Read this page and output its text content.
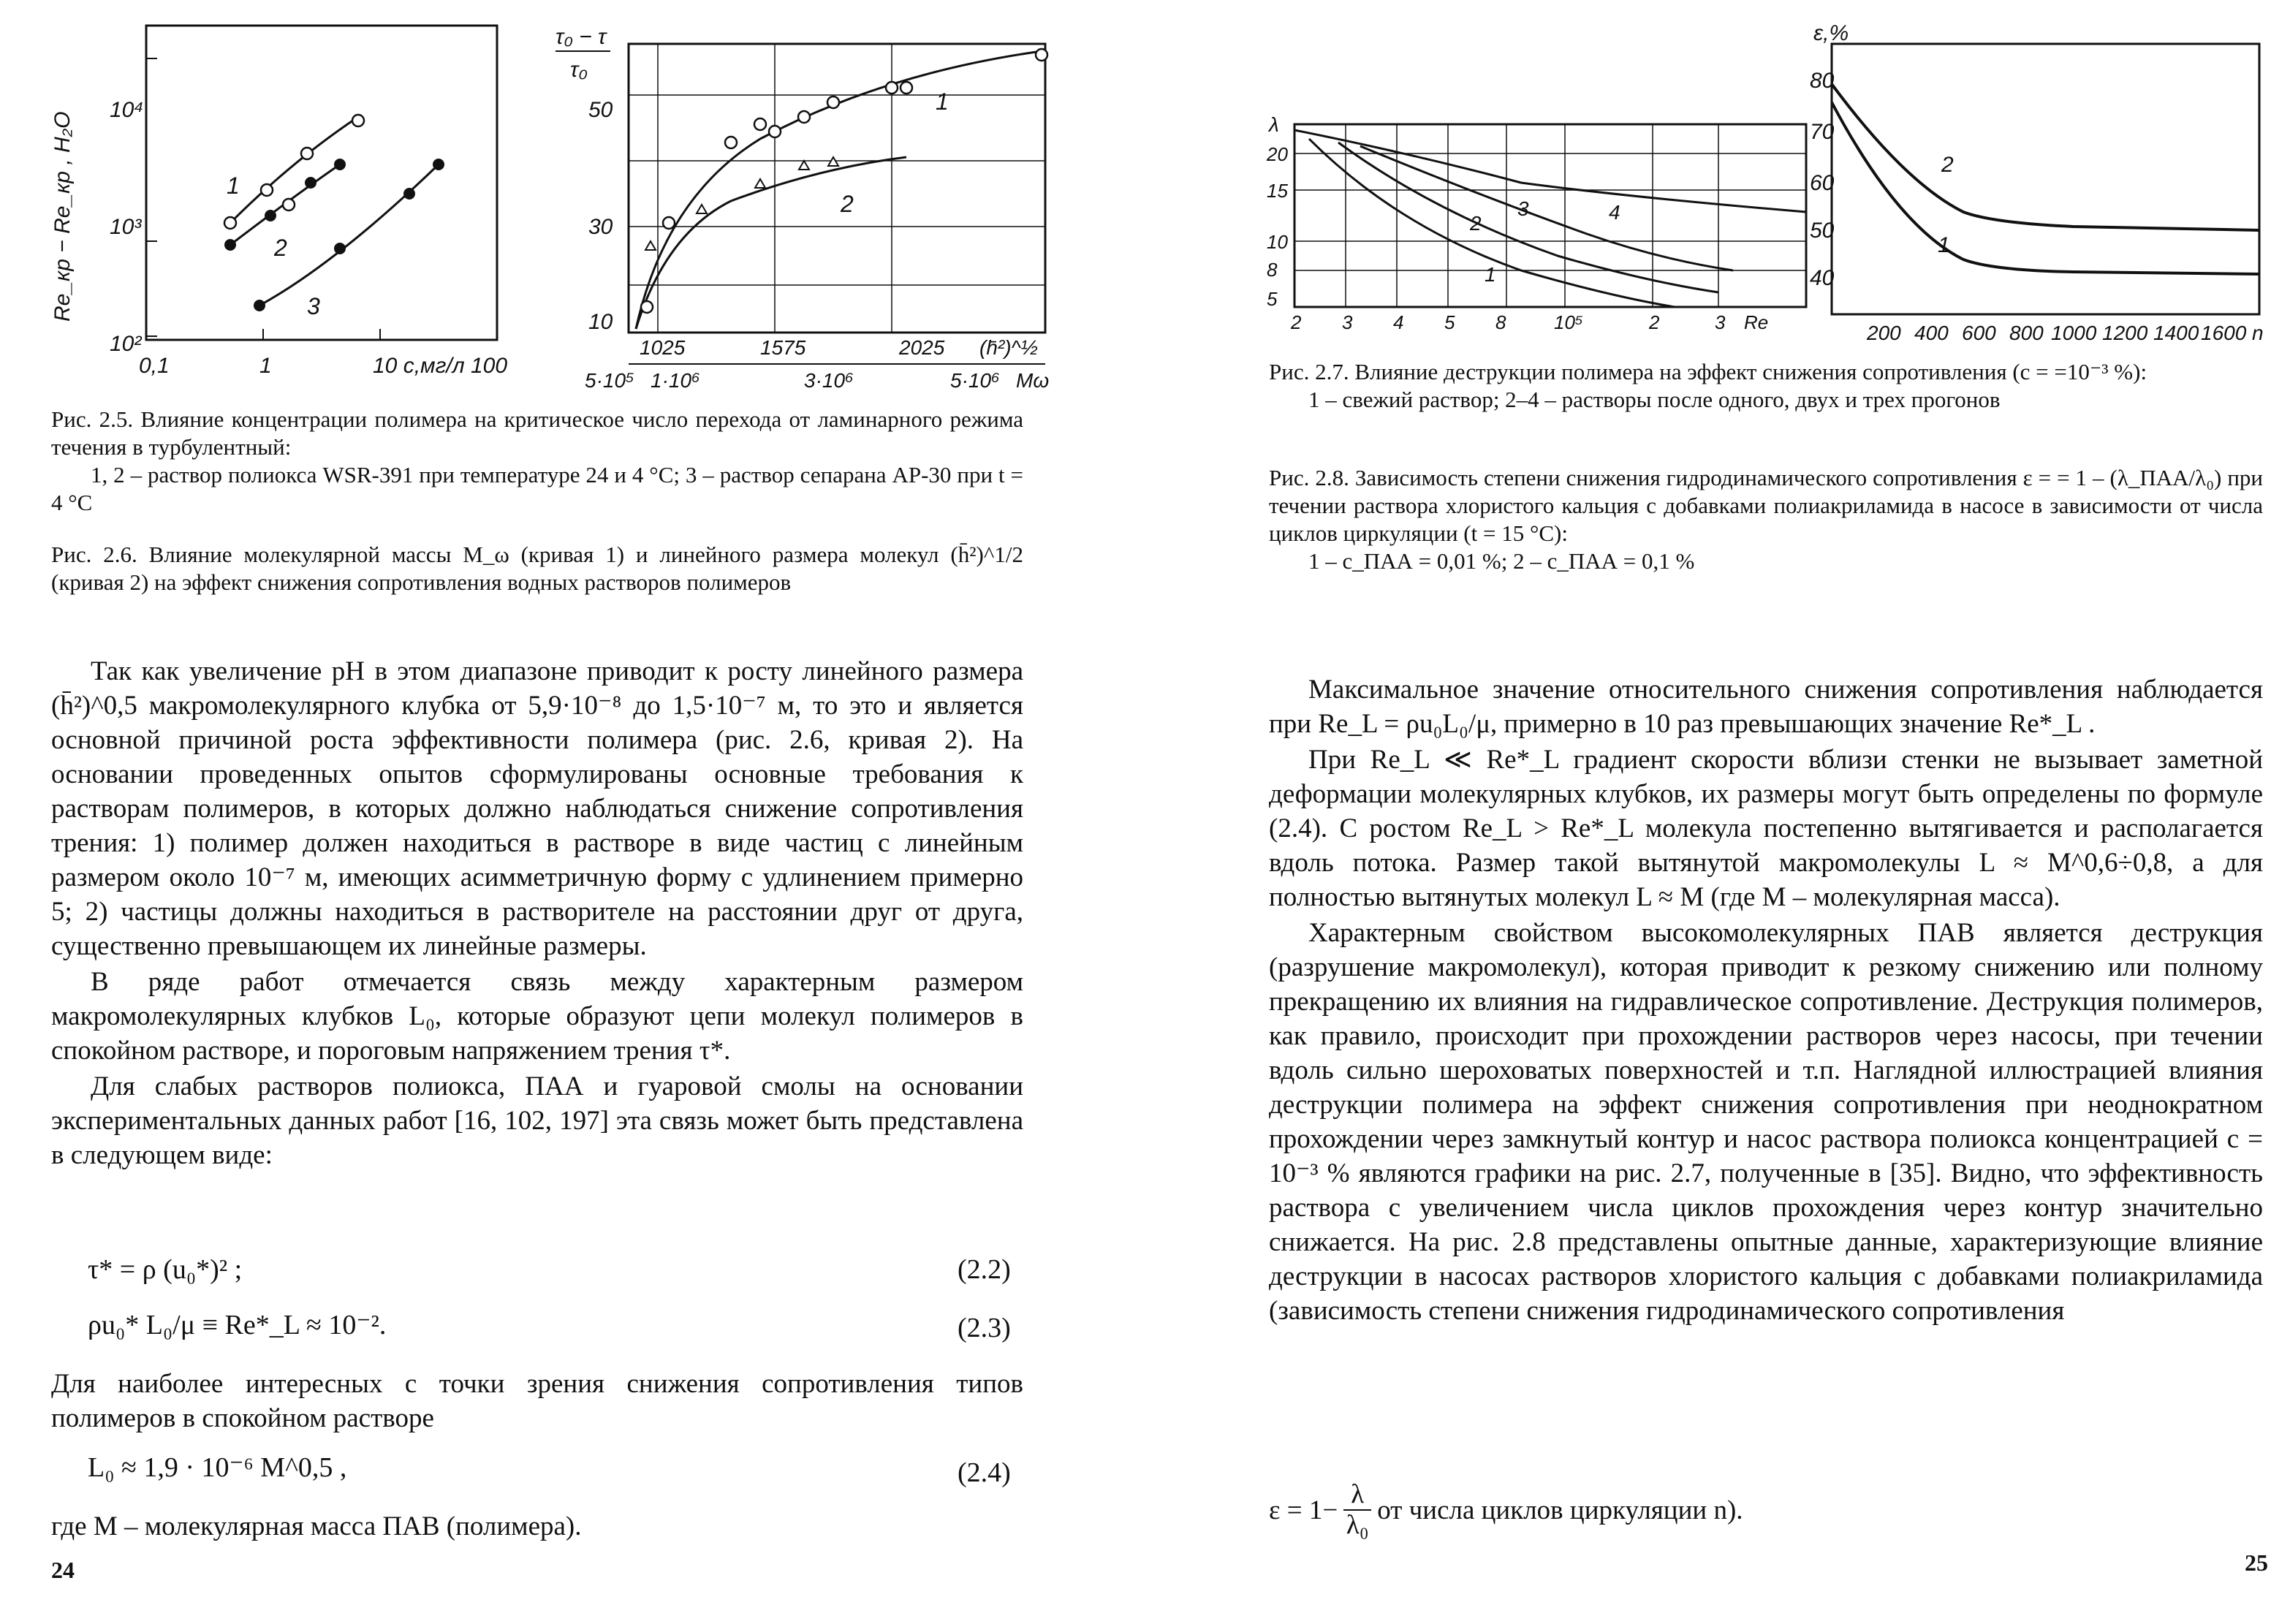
10⁴
10³
10²
0,1	1	10 с,мг/л 100
Re_кр − Re_кр , H₂O	1
2
3
τ₀ − τ
τ₀
50
30
10
1025	1575	2025 (h̄²)^½
5·10⁵ 1·10⁶	3·10⁶	5·10⁶ Mω
1
2

Рис. 2.5. Влияние концентрации полимера на критическое число перехода от ламинарного режима течения в турбулентный:

1, 2 – раствор полиокса WSR-391 при температуре 24 и 4 °C; 3 – раствор сепарана АР-30 при t = 4 °C

Рис. 2.6. Влияние молекулярной массы M_ω (кривая 1) и линейного размера молекул (h̄²)^1/2 (кривая 2) на эффект снижения сопротивления водных растворов полимеров

Так как увеличение pH в этом диапазоне приводит к росту линейного размера (h̄²)^0,5 макромолекулярного клубка от 5,9·10⁻⁸ до 1,5·10⁻⁷ м, то это и является основной причиной роста эффективности полимера (рис. 2.6, кривая 2). На основании проведенных опытов сформулированы основные требования к растворам полимеров, в которых должно наблюдаться снижение сопротивления трения: 1) полимер должен находиться в растворе в виде частиц с линейным размером около 10⁻⁷ м, имеющих асимметричную форму с удлинением примерно 5; 2) частицы должны находиться в растворителе на расстоянии друг от друга, существенно превышающем их линейные размеры.

В ряде работ отмечается связь между характерным размером макромолекулярных клубков L₀, которые образуют цепи молекул полимеров в спокойном растворе, и пороговым напряжением трения τ*.

Для слабых растворов полиокса, ПАА и гуаровой смолы на основании экспериментальных данных работ [16, 102, 197] эта связь может быть представлена в следующем виде:

τ* = ρ (u₀*)² ;	(2.2)
ρu₀* L₀/μ ≡ Re*_L ≈ 10⁻².	(2.3)

Для наиболее интересных с точки зрения снижения сопротивления типов полимеров в спокойном растворе

L₀ ≈ 1,9 · 10⁻⁶ M^0,5 ,	(2.4)

где M – молекулярная масса ПАВ (полимера).

24
λ
20
15
10
8
5
2 3 4 5 8	10⁵	2	3 Re
1
2
3	4
ε,%
80
70
60
50
40
200 400 600 800 1000 1200 1400 1600 n
2
1

Рис. 2.7. Влияние деструкции полимера на эффект снижения сопротивления (c = =10⁻³ %):

1 – свежий раствор; 2–4 – растворы после одного, двух и трех прогонов

Рис. 2.8. Зависимость степени снижения гидродинамического сопротивления ε = = 1 – (λ_ПАА/λ₀) при течении раствора хлористого кальция с добавками полиакриламида в насосе в зависимости от числа циклов циркуляции (t = 15 °C):

1 – c_ПАА = 0,01 %; 2 – c_ПАА = 0,1 %

Максимальное значение относительного снижения сопротивления наблюдается при Re_L = ρu₀L₀/μ, примерно в 10 раз превышающих значение Re*_L .

При Re_L ≪ Re*_L градиент скорости вблизи стенки не вызывает заметной деформации молекулярных клубков, их размеры могут быть определены по формуле (2.4). С ростом Re_L > Re*_L молекула постепенно вытягивается и располагается вдоль потока. Размер такой вытянутой макромолекулы L ≈ M^0,6÷0,8, а для полностью вытянутых молекул L ≈ M (где M – молекулярная масса).

Характерным свойством высокомолекулярных ПАВ является деструкция (разрушение макромолекул), которая приводит к резкому снижению или полному прекращению их влияния на гидравлическое сопротивление. Деструкция полимеров, как правило, происходит при прохождении растворов через насосы, при течении вдоль сильно шероховатых поверхностей и т.п. Наглядной иллюстрацией влияния деструкции полимера на эффект снижения сопротивления при неоднократном прохождении через замкнутый контур и насос раствора полиокса концентрацией c = 10⁻³ % являются графики на рис. 2.7, полученные в [35]. Видно, что эффективность раствора с увеличением числа циклов прохождения через контур значительно снижается. На рис. 2.8 представлены опытные данные, характеризующие влияние деструкции в насосах растворов хлористого кальция с добавками полиакриламида (зависимость степени снижения гидродинамического сопротивления

$\varepsilon = 1- \frac{\lambda}{\text{λ₀}}$ от числа циклов циркуляции n).
25
